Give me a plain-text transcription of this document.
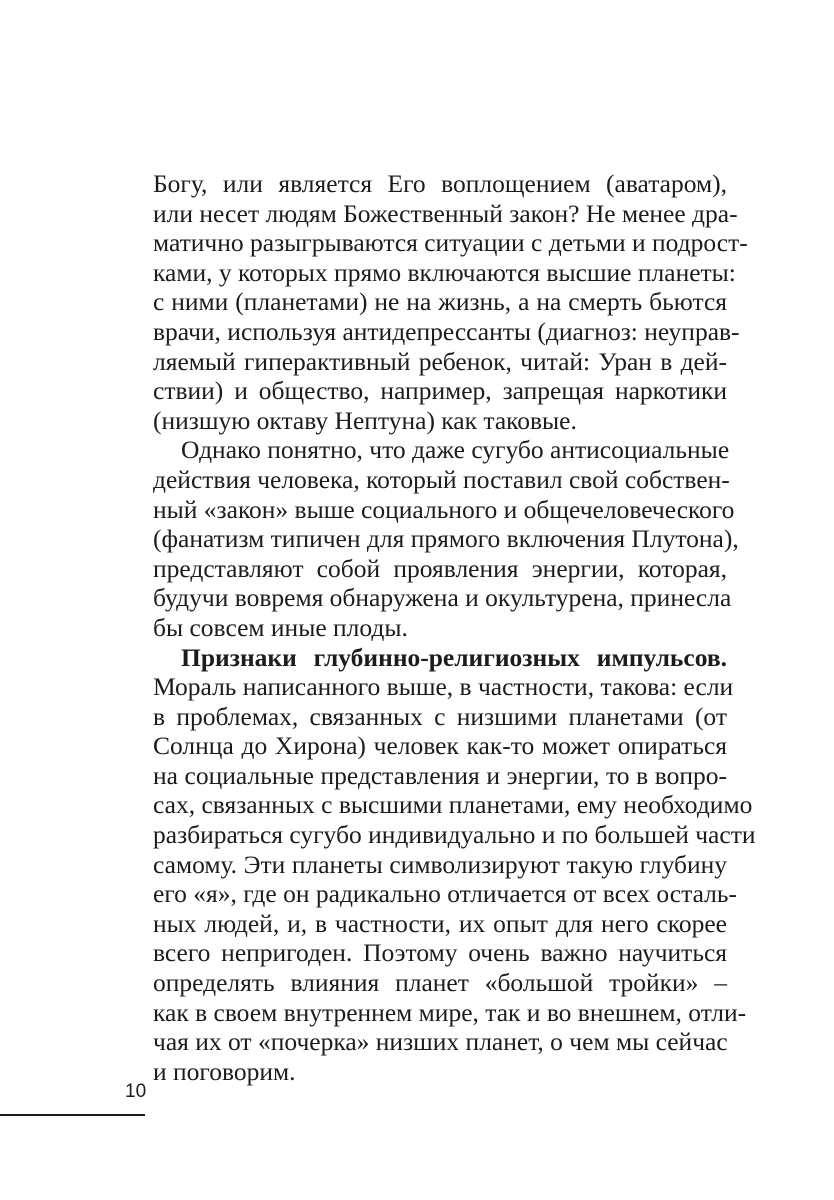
Богу, или является Его воплощением (аватаром),
или несет людям Божественный закон? Не менее дра-
матично разыгрываются ситуации с детьми и подрост-
ками, у которых прямо включаются высшие планеты:
с ними (планетами) не на жизнь, а на смерть бьются
врачи, используя антидепрессанты (диагноз: неуправ-
ляемый гиперактивный ребенок, читай: Уран в дей-
ствии) и общество, например, запрещая наркотики
(низшую октаву Нептуна) как таковые.
Однако понятно, что даже сугубо антисоциальные
действия человека, который поставил свой собствен-
ный «закон» выше социального и общечеловеческого
(фанатизм типичен для прямого включения Плутона),
представляют собой проявления энергии, которая,
будучи вовремя обнаружена и окультурена, принесла
бы совсем иные плоды.
Признаки глубинно-религиозных импульсов.
Мораль написанного выше, в частности, такова: если
в проблемах, связанных с низшими планетами (от
Солнца до Хирона) человек как-то может опираться
на социальные представления и энергии, то в вопро-
сах, связанных с высшими планетами, ему необходимо
разбираться сугубо индивидуально и по большей части
самому. Эти планеты символизируют такую глубину
его «я», где он радикально отличается от всех осталь-
ных людей, и, в частности, их опыт для него скорее
всего непригоден. Поэтому очень важно научиться
определять влияния планет «большой тройки» –
как в своем внутреннем мире, так и во внешнем, отли-
чая их от «почерка» низших планет, о чем мы сейчас
и поговорим.
10
